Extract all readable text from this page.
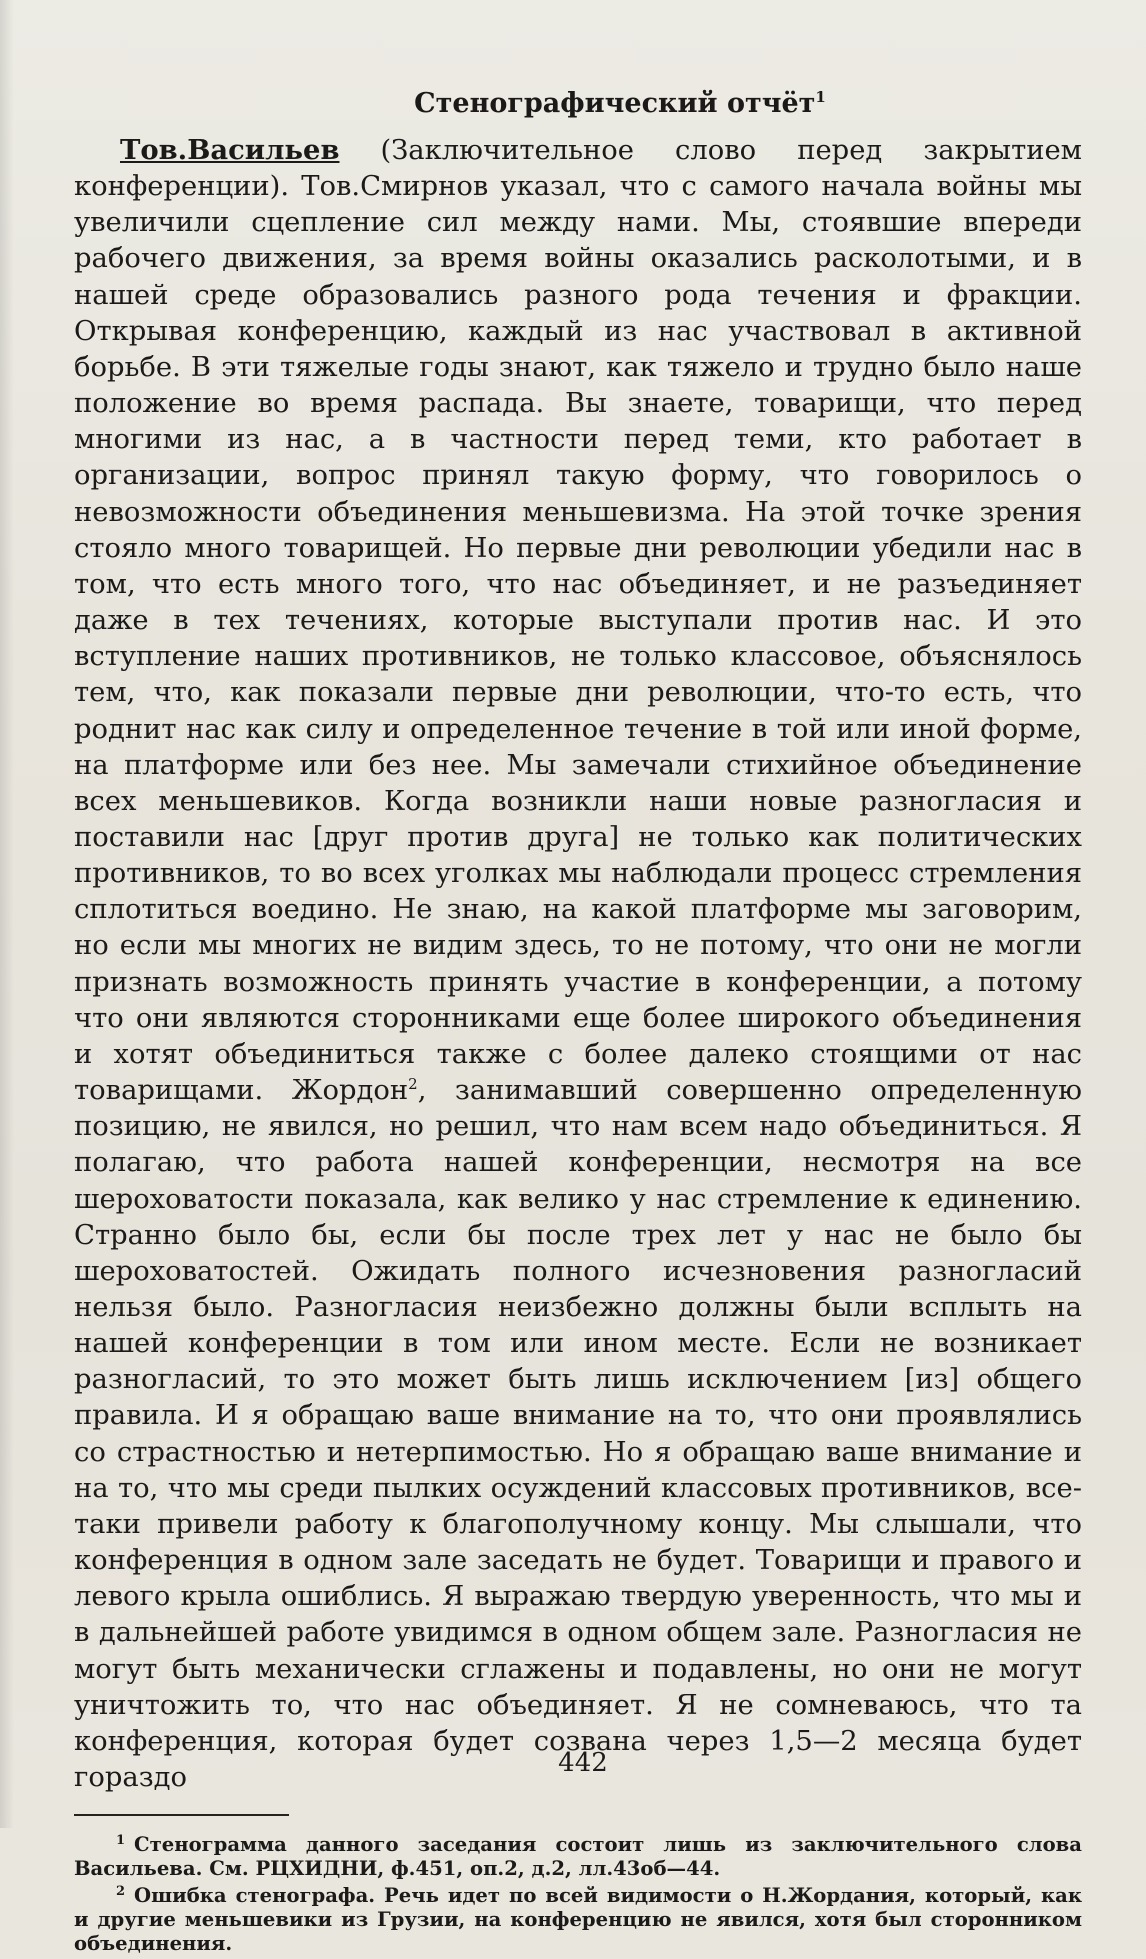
Стенографический отчёт$^1$

Тов.Васильев (Заключительное слово перед закрытием конференции). Тов.Смирнов указал, что с самого начала войны мы увеличили сцепление сил между нами. Мы, стоявшие впереди рабочего движения, за время войны оказались расколотыми, и в нашей среде образовались разного рода течения и фракции. Открывая конференцию, каждый из нас участвовал в активной борьбе. В эти тяжелые годы знают, как тяжело и трудно было наше положение во время распада. Вы знаете, товарищи, что перед многими из нас, а в частности перед теми, кто работает в организации, вопрос принял такую форму, что говорилось о невозможности объединения меньшевизма. На этой точке зрения стояло много товарищей. Но первые дни революции убедили нас в том, что есть много того, что нас объединяет, и не разъединяет даже в тех течениях, которые выступали против нас. И это вступление наших противников, не только классовое, объяснялось тем, что, как показали первые дни революции, что-то есть, что роднит нас как силу и определенное течение в той или иной форме, на платформе или без нее. Мы замечали стихийное объединение всех меньшевиков. Когда возникли наши новые разногласия и поставили нас [друг против друга] не только как политических противников, то во всех уголках мы наблюдали процесс стремления сплотиться воедино. Не знаю, на какой платформе мы заговорим, но если мы многих не видим здесь, то не потому, что они не могли признать возможность принять участие в конференции, а потому что они являются сторонниками еще более широкого объединения и хотят объединиться также с более далеко стоящими от нас товарищами. Жордон$^2$, занимавший совершенно определенную позицию, не явился, но решил, что нам всем надо объединиться. Я полагаю, что работа нашей конференции, несмотря на все шероховатости показала, как велико у нас стремление к единению. Странно было бы, если бы после трех лет у нас не было бы шероховатостей. Ожидать полного исчезновения разногласий нельзя было. Разногласия неизбежно должны были всплыть на нашей конференции в том или ином месте. Если не возникает разногласий, то это может быть лишь исключением [из] общего правила. И я обращаю ваше внимание на то, что они проявлялись со страстностью и нетерпимостью. Но я обращаю ваше внимание и на то, что мы среди пылких осуждений классовых противников, все-таки привели работу к благополучному концу. Мы слышали, что конференция в одном зале заседать не будет. Товарищи и правого и левого крыла ошиблись. Я выражаю твердую уверенность, что мы и в дальнейшей работе увидимся в одном общем зале. Разногласия не могут быть механически сглажены и подавлены, но они не могут уничтожить то, что нас объединяет. Я не сомневаюсь, что та конференция, которая будет созвана через 1,5—2 месяца будет гораздо

1 Стенограмма данного заседания состоит лишь из заключительного слова Васильева. См. РЦХИДНИ, ф.451, оп.2, д.2, лл.43об—44.

2 Ошибка стенографа. Речь идет по всей видимости о Н.Жордания, который, как и другие меньшевики из Грузии, на конференцию не явился, хотя был сторонником объединения.

442
